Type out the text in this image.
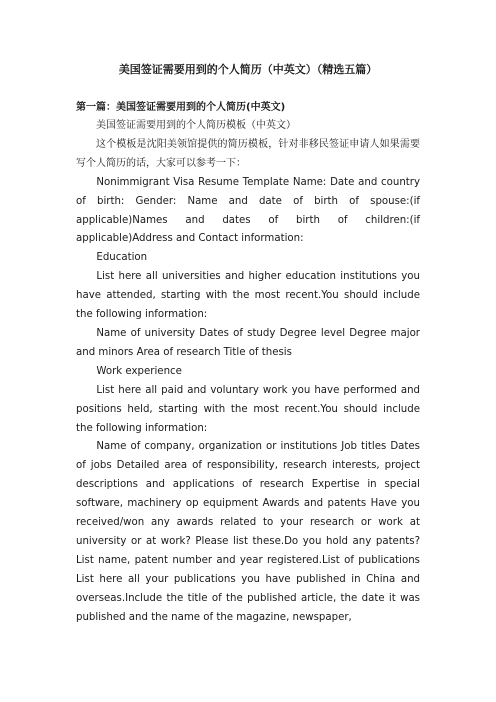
美国签证需要用到的个人简历（中英文）（精选五篇）
第一篇：美国签证需要用到的个人简历(中英文)

美国签证需要用到的个人简历模板（中英文）

这个模板是沈阳美领馆提供的简历模板，针对非移民签证申请人如果需要写个人简历的话，大家可以参考一下：

Nonimmigrant Visa Resume Template Name: Date and country of birth: Gender: Name and date of birth of spouse:(if applicable)Names and dates of birth of children:(if applicable)Address and Contact information:

Education

List here all universities and higher education institutions you have attended, starting with the most recent.You should include the following information:

Name of university Dates of study Degree level Degree major and minors Area of research Title of thesis

Work experience

List here all paid and voluntary work you have performed and positions held, starting with the most recent.You should include the following information:

Name of company, organization or institutions Job titles Dates of jobs Detailed area of responsibility, research interests, project descriptions and applications of research Expertise in special software, machinery op equipment Awards and patents Have you received/won any awards related to your research or work at university or at work? Please list these.Do you hold any patents? List name, patent number and year registered.List of publications List here all your publications you have published in China and overseas.Include the title of the published article, the date it was published and the name of the magazine, newspaper,
